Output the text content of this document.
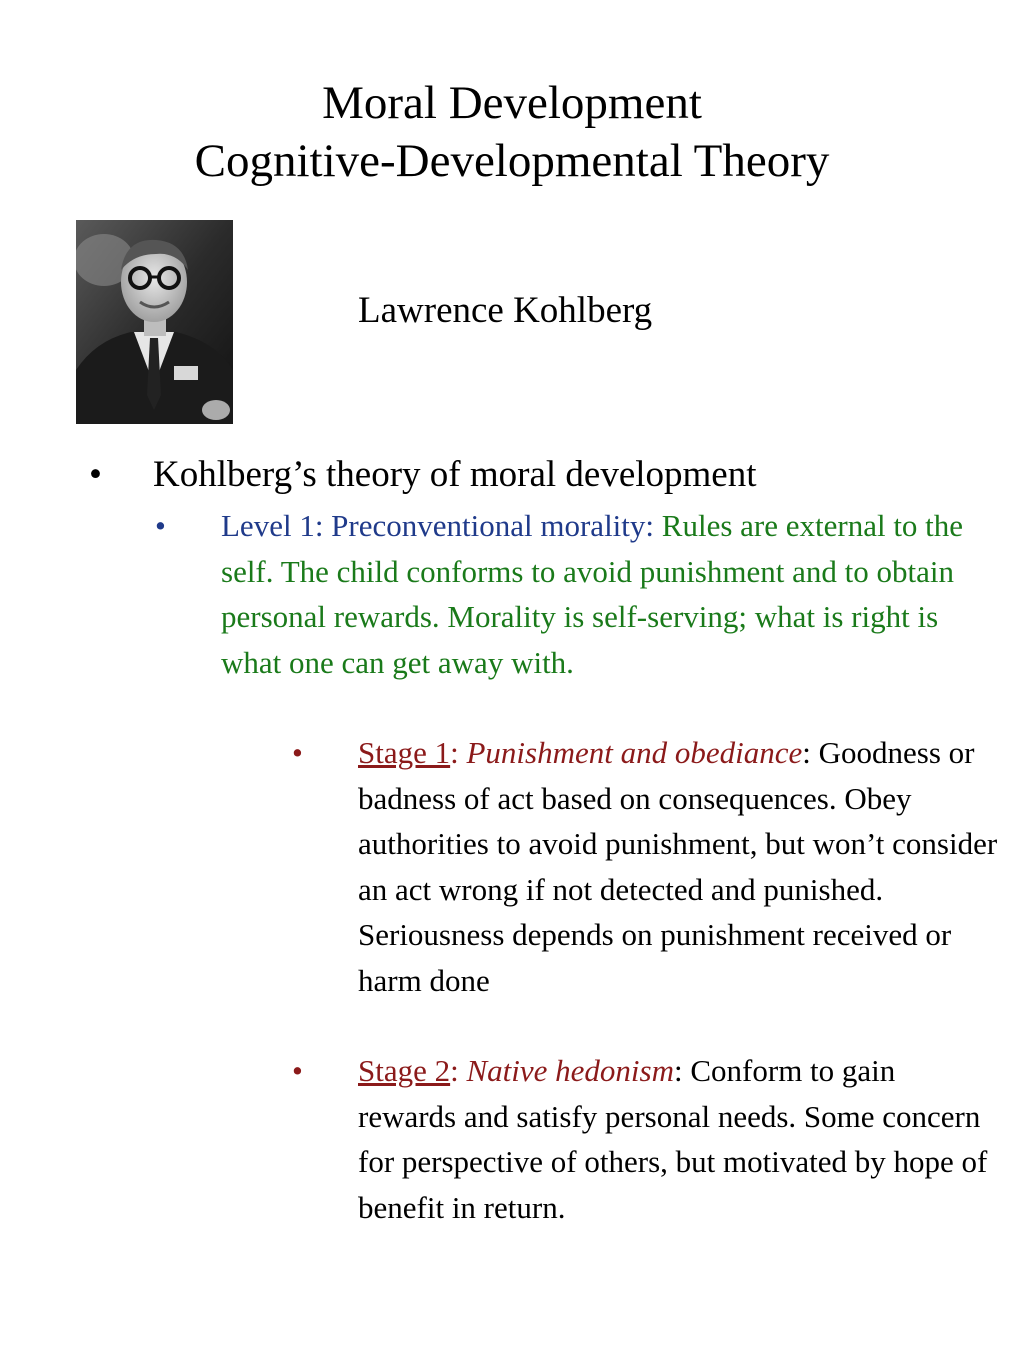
Moral Development
Cognitive-Developmental Theory
Lawrence Kohlberg
• Kohlberg’s theory of moral development
• Level 1: Preconventional morality: Rules are external to the self. The child conforms to avoid punishment and to obtain personal rewards. Morality is self-serving; what is right is what one can get away with.
• Stage 1: Punishment and obediance: Goodness or badness of act based on consequences. Obey authorities to avoid punishment, but won’t consider an act wrong if not detected and punished. Seriousness depends on punishment received or harm done
• Stage 2: Native hedonism: Conform to gain rewards and satisfy personal needs. Some concern for perspective of others, but motivated by hope of benefit in return.
